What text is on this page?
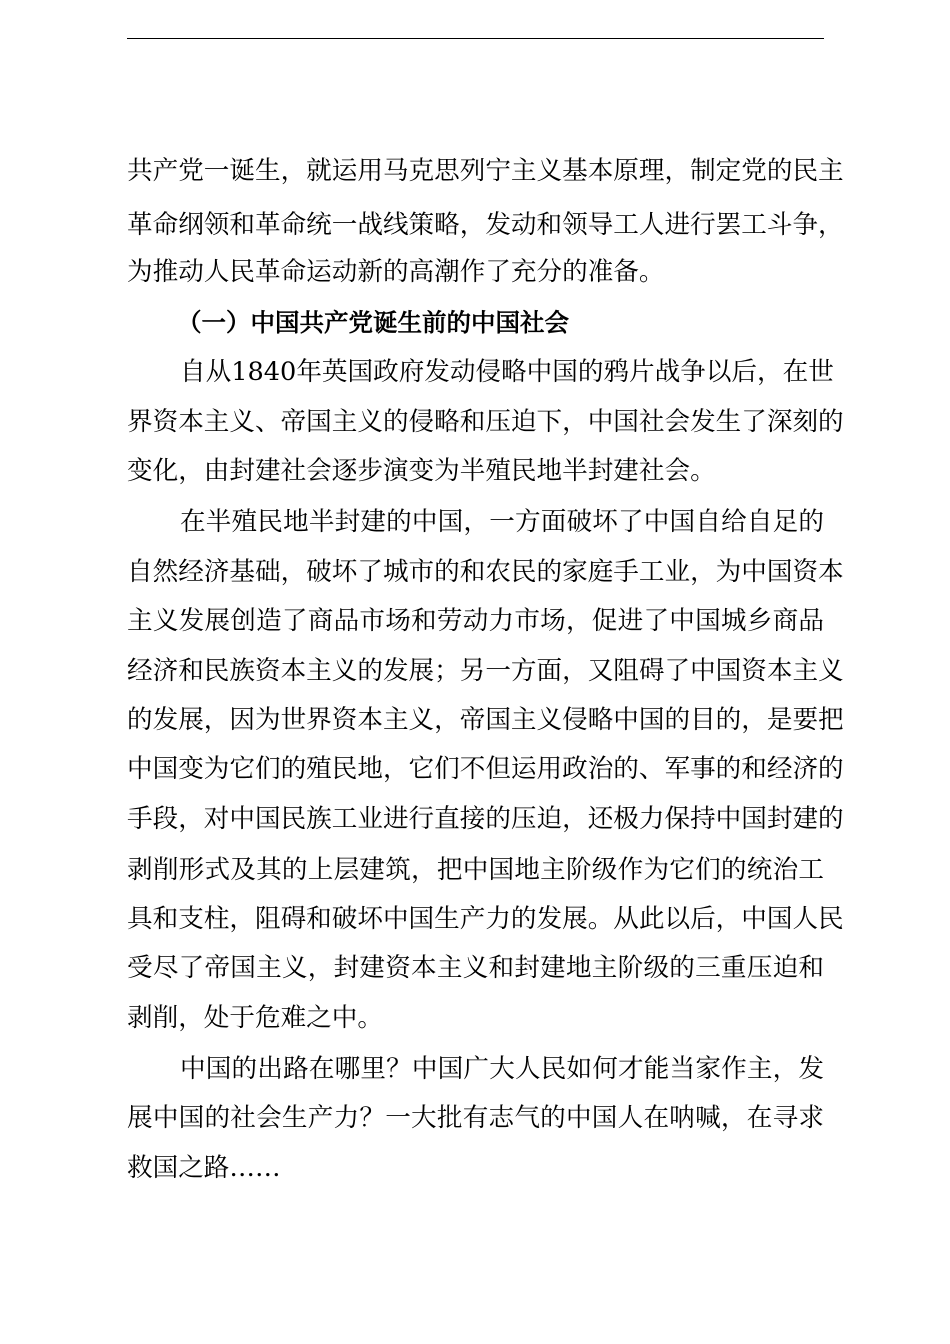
共产党一诞生，就运用马克思列宁主义基本原理，制定党的民主
革命纲领和革命统一战线策略，发动和领导工人进行罢工斗争，
为推动人民革命运动新的高潮作了充分的准备。
（一）中国共产党诞生前的中国社会
自从1840年英国政府发动侵略中国的鸦片战争以后，在世
界资本主义、帝国主义的侵略和压迫下，中国社会发生了深刻的
变化，由封建社会逐步演变为半殖民地半封建社会。
在半殖民地半封建的中国，一方面破坏了中国自给自足的
自然经济基础，破坏了城市的和农民的家庭手工业，为中国资本
主义发展创造了商品市场和劳动力市场，促进了中国城乡商品
经济和民族资本主义的发展；另一方面，又阻碍了中国资本主义
的发展，因为世界资本主义，帝国主义侵略中国的目的，是要把
中国变为它们的殖民地，它们不但运用政治的、军事的和经济的
手段，对中国民族工业进行直接的压迫，还极力保持中国封建的
剥削形式及其的上层建筑，把中国地主阶级作为它们的统治工
具和支柱，阻碍和破坏中国生产力的发展。从此以后，中国人民
受尽了帝国主义，封建资本主义和封建地主阶级的三重压迫和
剥削，处于危难之中。
中国的出路在哪里？中国广大人民如何才能当家作主，发
展中国的社会生产力？一大批有志气的中国人在呐喊，在寻求
救国之路……
